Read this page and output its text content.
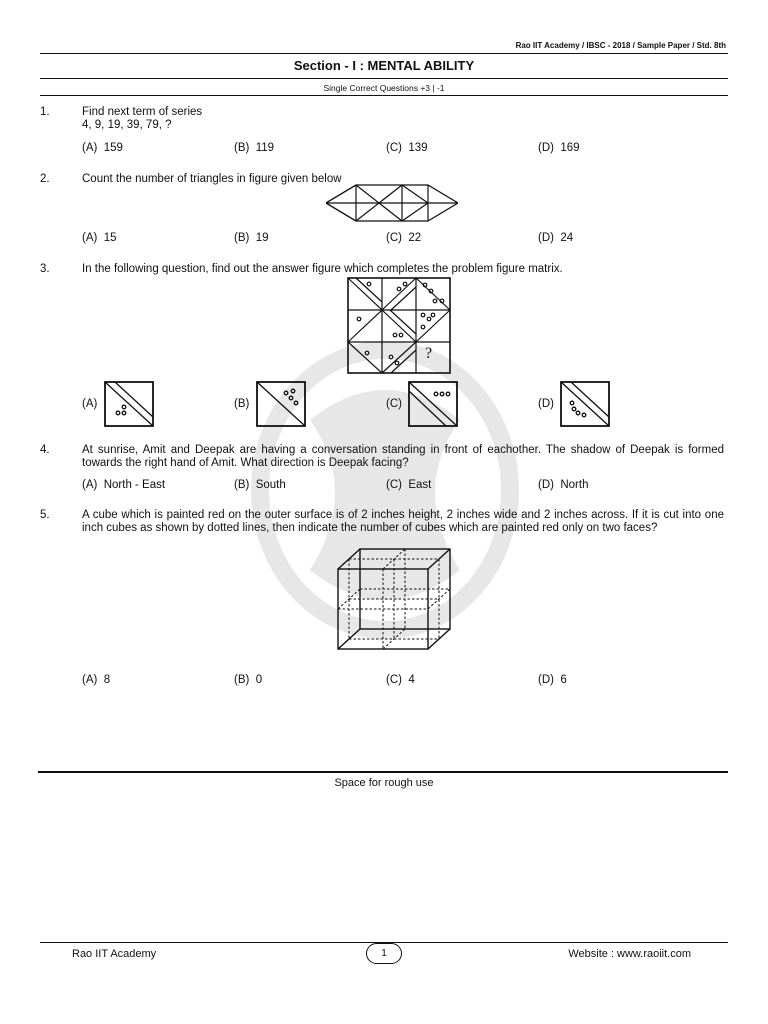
Rao IIT Academy / IBSC - 2018 / Sample Paper / Std. 8th
Section - I : MENTAL ABILITY
Single Correct Questions +3 | -1
1.	Find next term of series
4, 9, 19, 39, 79, ?
(A)  159	(B)  119	(C)  139	(D)  169
2.	Count the number of triangles in figure given below
(A)  15	(B)  19	(C)  22	(D)  24
3.	In the following question, find out the answer figure which completes the problem figure matrix.
?
(A)	(B)	(C)	(D)
4.	At sunrise, Amit and Deepak are having a conversation standing in front of eachother. The shadow of Deepak is formed towards the right hand of Amit. What direction is Deepak facing?
(A)  North - East	(B)  South	(C)  East	(D)  North
5.	A cube which is painted red on the outer surface is of 2 inches height, 2 inches wide and 2 inches across. If it is cut into one inch cubes as shown by dotted lines, then indicate the number of cubes which are painted red only on two faces?
(A)  8	(B)  0	(C)  4	(D)  6
Space for rough use
Rao IIT Academy	1	Website : www.raoiit.com
